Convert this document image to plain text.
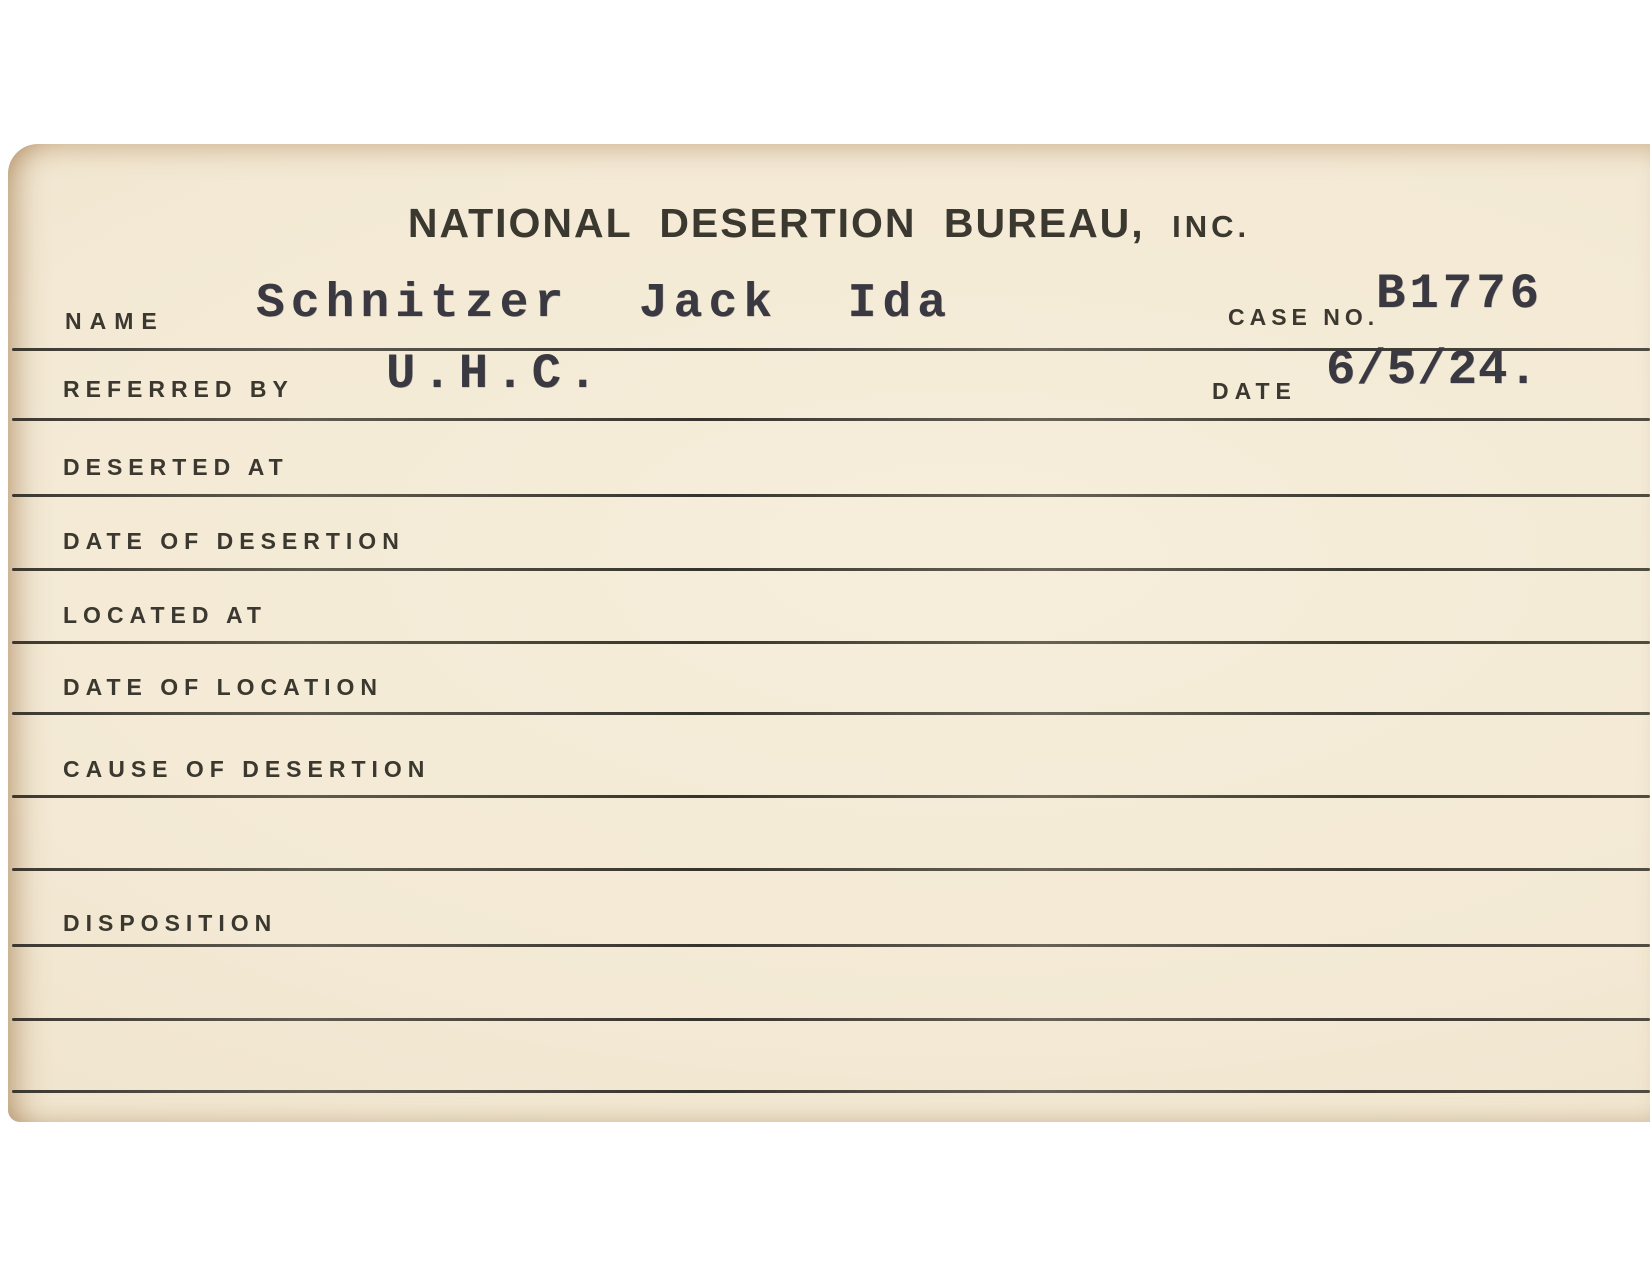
NATIONAL DESERTION BUREAU, INC.
NAME Schnitzer  Jack  Ida	CASE NO.
B1776
REFERRED BY U.H.C.	DATE 6/5/24.
DESERTED AT
DATE OF DESERTION
LOCATED AT
DATE OF LOCATION
CAUSE OF DESERTION
DISPOSITION
